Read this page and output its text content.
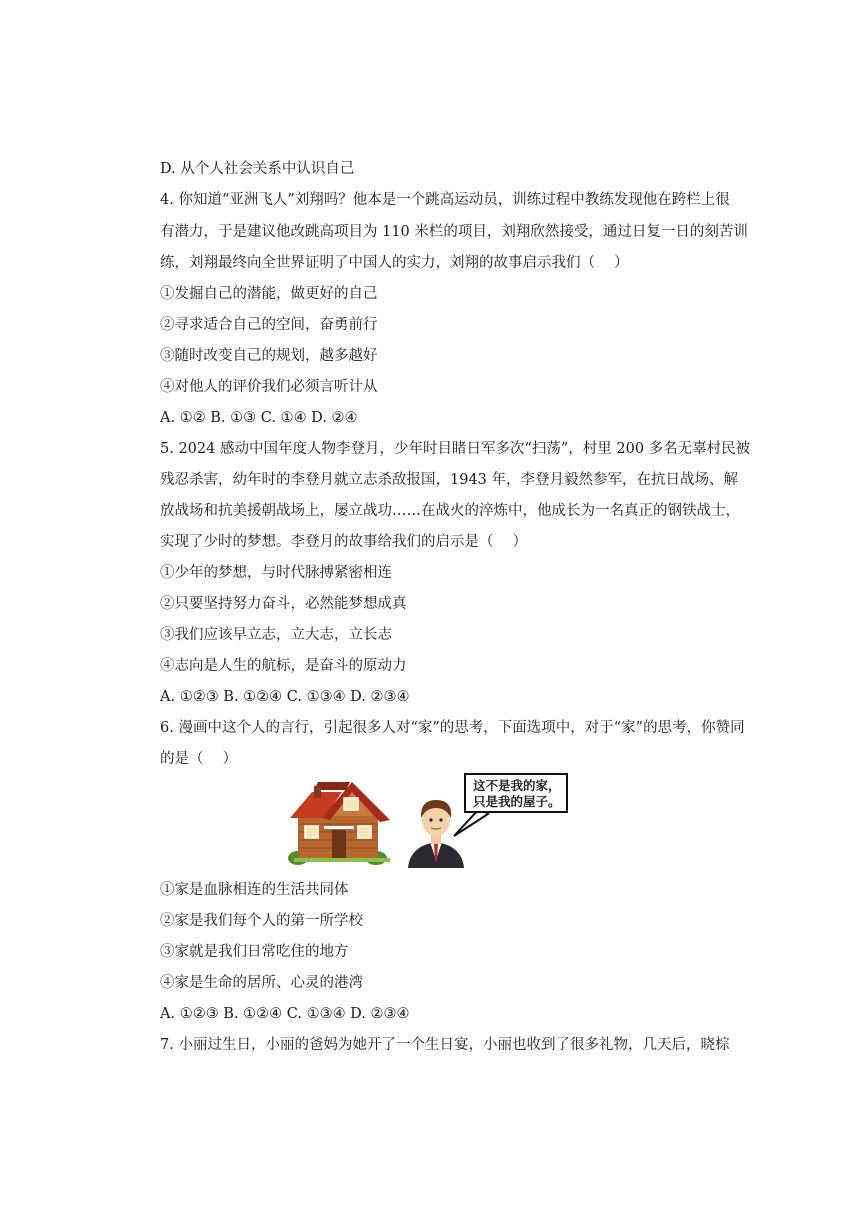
D. 从个人社会关系中认识自己
4. 你知道“亚洲飞人”刘翔吗？他本是一个跳高运动员，训练过程中教练发现他在跨栏上很
有潜力，于是建议他改跳高项目为 110 米栏的项目，刘翔欣然接受，通过日复一日的刻苦训
练，刘翔最终向全世界证明了中国人的实力，刘翔的故事启示我们（　 ）
①发掘自己的潜能，做更好的自己
②寻求适合自己的空间，奋勇前行
③随时改变自己的规划，越多越好
④对他人的评价我们必须言听计从
A. ①② B. ①③ C. ①④ D. ②④
5. 2024 感动中国年度人物李登月，少年时目睹日军多次“扫荡”，村里 200 多名无辜村民被
残忍杀害，幼年时的李登月就立志杀敌报国，1943 年，李登月毅然参军，在抗日战场、解
放战场和抗美援朝战场上，屡立战功……在战火的淬炼中，他成长为一名真正的钢铁战士，
实现了少时的梦想。李登月的故事给我们的启示是（　 ）
①少年的梦想，与时代脉搏紧密相连
②只要坚持努力奋斗，必然能梦想成真
③我们应该早立志，立大志，立长志
④志向是人生的航标，是奋斗的原动力
A. ①②③ B. ①②④ C. ①③④ D. ②③④
6. 漫画中这个人的言行，引起很多人对“家”的思考，下面选项中，对于“家”的思考，你赞同
的是（　 ）
这不是我的家，
只是我的屋子。
①家是血脉相连的生活共同体
②家是我们每个人的第一所学校
③家就是我们日常吃住的地方
④家是生命的居所、心灵的港湾
A. ①②③ B. ①②④ C. ①③④ D. ②③④
7. 小丽过生日，小丽的爸妈为她开了一个生日宴，小丽也收到了很多礼物，几天后，晓棕
